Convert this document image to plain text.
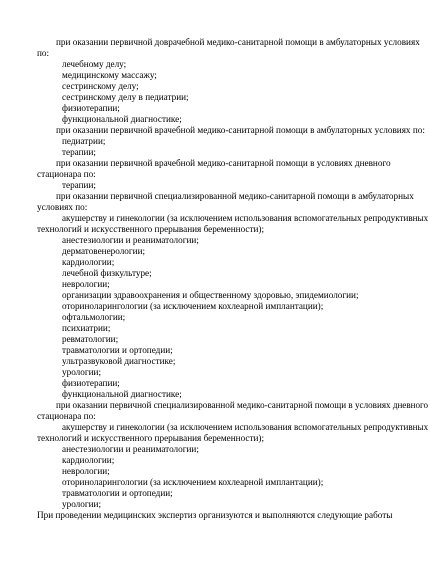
при оказании первичной доврачебной медико-санитарной помощи в амбулаторных условиях
по:
лечебному делу;
медицинскому массажу;
сестринскому делу;
сестринскому делу в педиатрии;
физиотерапии;
функциональной диагностике;
при оказании первичной врачебной медико-санитарной помощи в амбулаторных условиях по:
педиатрии;
терапии;
при оказании первичной врачебной медико-санитарной помощи в условиях дневного
стационара по:
терапии;
при оказании первичной специализированной медико-санитарной помощи в амбулаторных
условиях по:
акушерству и гинекологии (за исключением использования вспомогательных репродуктивных
технологий и искусственного прерывания беременности);
анестезиологии и реаниматологии;
дерматовенерологии;
кардиологии;
лечебной физкультуре;
неврологии;
организации здравоохранения и общественному здоровью, эпидемиологии;
оториноларингологии (за исключением кохлеарной имплантации);
офтальмологии;
психиатрии;
ревматологии;
травматологии и ортопедии;
ультразвуковой диагностике;
урологии;
физиотерапии;
функциональной диагностике;
при оказании первичной специализированной медико-санитарной помощи в условиях дневного
стационара по:
акушерству и гинекологии (за исключением использования вспомогательных репродуктивных
технологий и искусственного прерывания беременности);
анестезиологии и реаниматологии;
кардиологии;
неврологии;
оториноларингологии (за исключением кохлеарной имплантации);
травматологии и ортопедии;
урологии;
При проведении медицинских экспертиз организуются и выполняются следующие работы
